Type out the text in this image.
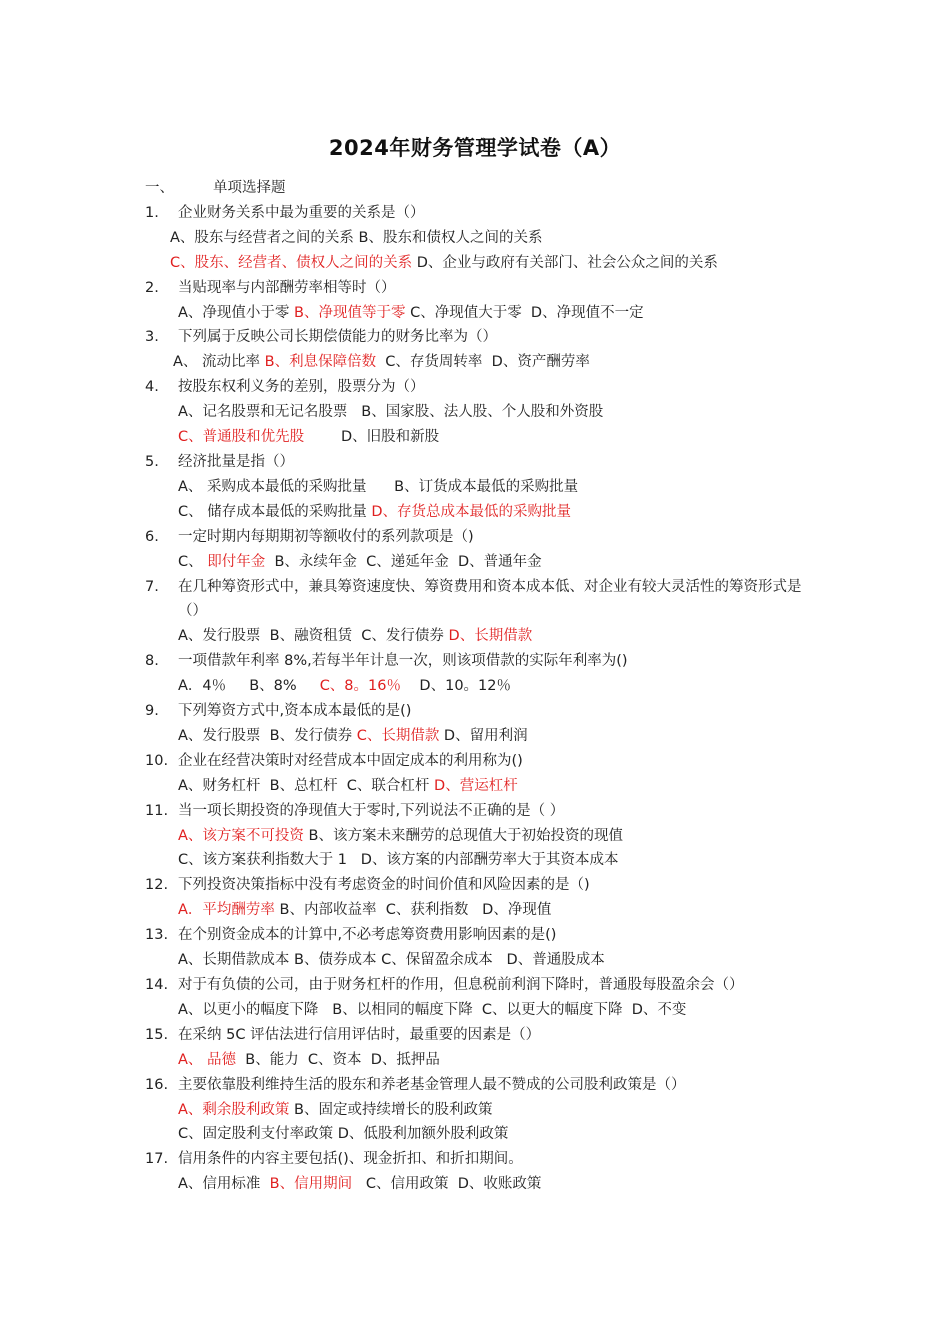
2024年财务管理学试卷（A）
一、	单项选择题
1.	企业财务关系中最为重要的关系是（）
A、股东与经营者之间的关系 B、股东和债权人之间的关系
C、股东、经营者、债权人之间的关系 D、企业与政府有关部门、社会公众之间的关系
2.	当贴现率与内部酬劳率相等时（）
A、净现值小于零 B、净现值等于零 C、净现值大于零  D、净现值不一定
3.	下列属于反映公司长期偿债能力的财务比率为（）
A、 流动比率 B、利息保障倍数  C、存货周转率  D、资产酬劳率
4.	按股东权利义务的差别，股票分为（）
A、记名股票和无记名股票   B、国家股、法人股、个人股和外资股
C、普通股和优先股        D、旧股和新股
5.	经济批量是指（）
A、 采购成本最低的采购批量      B、订货成本最低的采购批量
C、 储存成本最低的采购批量 D、存货总成本最低的采购批量
6.	一定时期内每期期初等额收付的系列款项是（)
C、 即付年金  B、永续年金  C、递延年金  D、普通年金
7.	在几种筹资形式中，兼具筹资速度快、筹资费用和资本成本低、对企业有较大灵活性的筹资形式是（）
A、发行股票  B、融资租赁  C、发行债券 D、长期借款
8.	一项借款年利率 8%,若每半年计息一次，则该项借款的实际年利率为()
A．4％     B、8%     C、8。16％    D、10。12％
9.	下列筹资方式中,资本成本最低的是()
A、发行股票  B、发行债券 C、长期借款 D、留用利润
10. 企业在经营决策时对经营成本中固定成本的利用称为()
A、财务杠杆  B、总杠杆  C、联合杠杆 D、营运杠杆
11. 当一项长期投资的净现值大于零时,下列说法不正确的是（ ）
A、该方案不可投资 B、该方案未来酬劳的总现值大于初始投资的现值
C、该方案获利指数大于 1   D、该方案的内部酬劳率大于其资本成本
12. 下列投资决策指标中没有考虑资金的时间价值和风险因素的是（)
A．平均酬劳率 B、内部收益率  C、获利指数   D、净现值
13. 在个别资金成本的计算中,不必考虑筹资费用影响因素的是()
A、长期借款成本 B、债券成本 C、保留盈余成本   D、普通股成本
14. 对于有负债的公司，由于财务杠杆的作用，但息税前利润下降时，普通股每股盈余会（）
A、以更小的幅度下降   B、以相同的幅度下降  C、以更大的幅度下降  D、不变
15. 在采纳 5C 评估法进行信用评估时，最重要的因素是（）
A、 品德  B、能力  C、资本  D、抵押品
16. 主要依靠股利维持生活的股东和养老基金管理人最不赞成的公司股利政策是（）
A、剩余股利政策 B、固定或持续增长的股利政策
C、固定股利支付率政策 D、低股利加额外股利政策
17. 信用条件的内容主要包括()、现金折扣、和折扣期间。
A、信用标准  B、信用期间   C、信用政策  D、收账政策
